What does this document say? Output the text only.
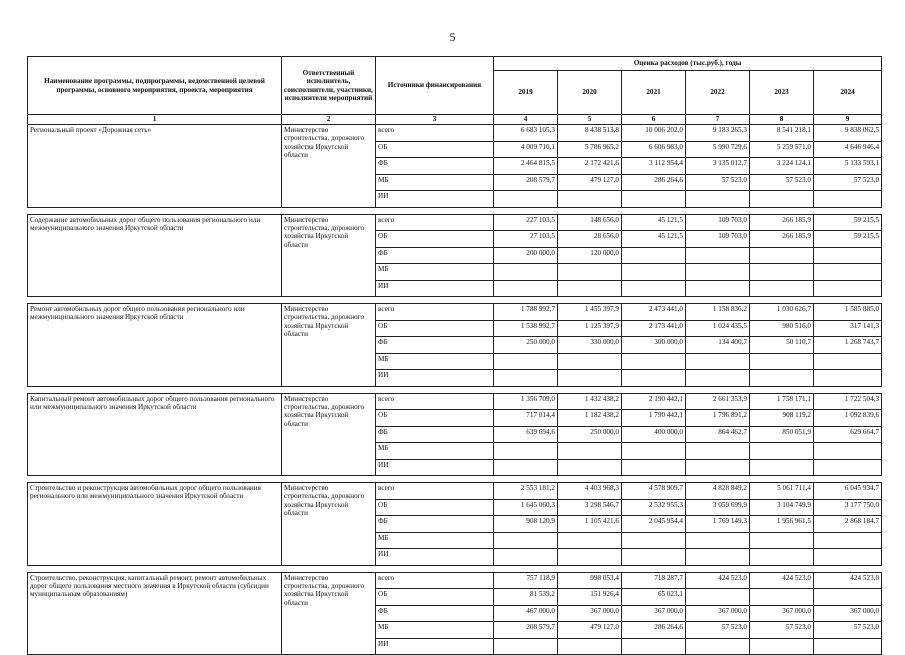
5
Наименование программы, подпрограммы, ведомственной целевой программы, основного мероприятия, проекта, мероприятия	Ответственный исполнитель, соисполнители, участники, исполнители мероприятий	Источники финансирования	Оценка расходов (тыс.руб.), годы					
			2019	2020	2021	2022	2023	2024
1	2	3	4	5	6	7	8	9
Региональный проект «Дорожная сеть»	Министерство строительства, дорожного хозяйства Иркутской области	всего	6 683 105,3	8 438 513,8	10 006 202,0	9 183 265,3	8 541 218,1	9 838 062,5
		ОБ	4 009 710,1	5 786 965,2	6 606 983,0	5 990 729,6	5 259 571,0	4 646 946,4
		ФБ	2 464 815,5	2 172 421,6	3 112 954,4	3 135 012,7	3 224 124,1	5 133 593,1
		МБ	208 579,7	479 127,0	286 264,6	57 523,0	57 523,0	57 523,0
		ИИ						

Содержание автомобильных дорог общего пользования регионального или межмуниципального значения Иркутской области	Министерство строительства, дорожного хозяйства Иркутской области	всего	227 103,5	148 656,0	45 121,5	109 703,0	266 185,9	59 215,5
		ОБ	27 103,5	28 656,0	45 121,5	109 703,0	266 185,9	59 215,5
		ФБ	200 000,0	120 000,0				
		МБ						
		ИИ						

Ремонт автомобильных дорог общего пользования регионального или межмуниципального значения Иркутской области	Министерство строительства, дорожного хозяйства Иркутской области	всего	1 788 992,7	1 455 397,9	2 473 441,0	1 158 836,2	1 030 626,7	1 585 885,0
		ОБ	1 538 992,7	1 125 397,9	2 173 441,0	1 024 435,5	980 516,0	317 141,3
		ФБ	250 000,0	330 000,0	300 000,0	134 400,7	50 110,7	1 268 743,7
		МБ						
		ИИ						

Капитальный ремонт автомобильных дорог общего пользования регионального или межмуниципального значения Иркутской области	Министерство строительства, дорожного хозяйства Иркутской области	всего	1 356 709,0	1 432 438,2	2 190 442,1	2 661 353,9	1 758 171,1	1 722 504,3
		ОБ	717 014,4	1 182 438,2	1 790 442,1	1 796 891,2	908 119,2	1 092 839,6
		ФБ	639 694,6	250 000,0	400 000,0	864 462,7	850 051,9	629 664,7
		МБ						
		ИИ						

Строительство и реконструкция автомобильных дорог общего пользования регионального или межмуниципального значения Иркутской области	Министерство строительства, дорожного хозяйства Иркутской области	всего	2 553 181,2	4 403 968,3	4 578 909,7	4 828 849,2	5 061 711,4	6 045 934,7
		ОБ	1 645 060,3	3 298 546,7	2 532 955,3	3 059 699,9	3 104 749,9	3 177 750,0
		ФБ	908 120,9	1 105 421,6	2 045 954,4	1 769 149,3	1 956 961,5	2 868 184,7
		МБ						
		ИИ						

Строительство, реконструкция, капитальный ремонт, ремонт автомобильных дорог общего пользования местного значения в Иркутской области (субсидии муниципальным образованиям)	Министерство строительства, дорожного хозяйства Иркутской области	всего	757 118,9	998 053,4	718 287,7	424 523,0	424 523,0	424 523,0
		ОБ	81 539,2	151 926,4	65 023,1			
		ФБ	467 000,0	367 000,0	367 000,0	367 000,0	367 000,0	367 000,0
		МБ	208 579,7	479 127,0	286 264,6	57 523,0	57 523,0	57 523,0
		ИИ						
